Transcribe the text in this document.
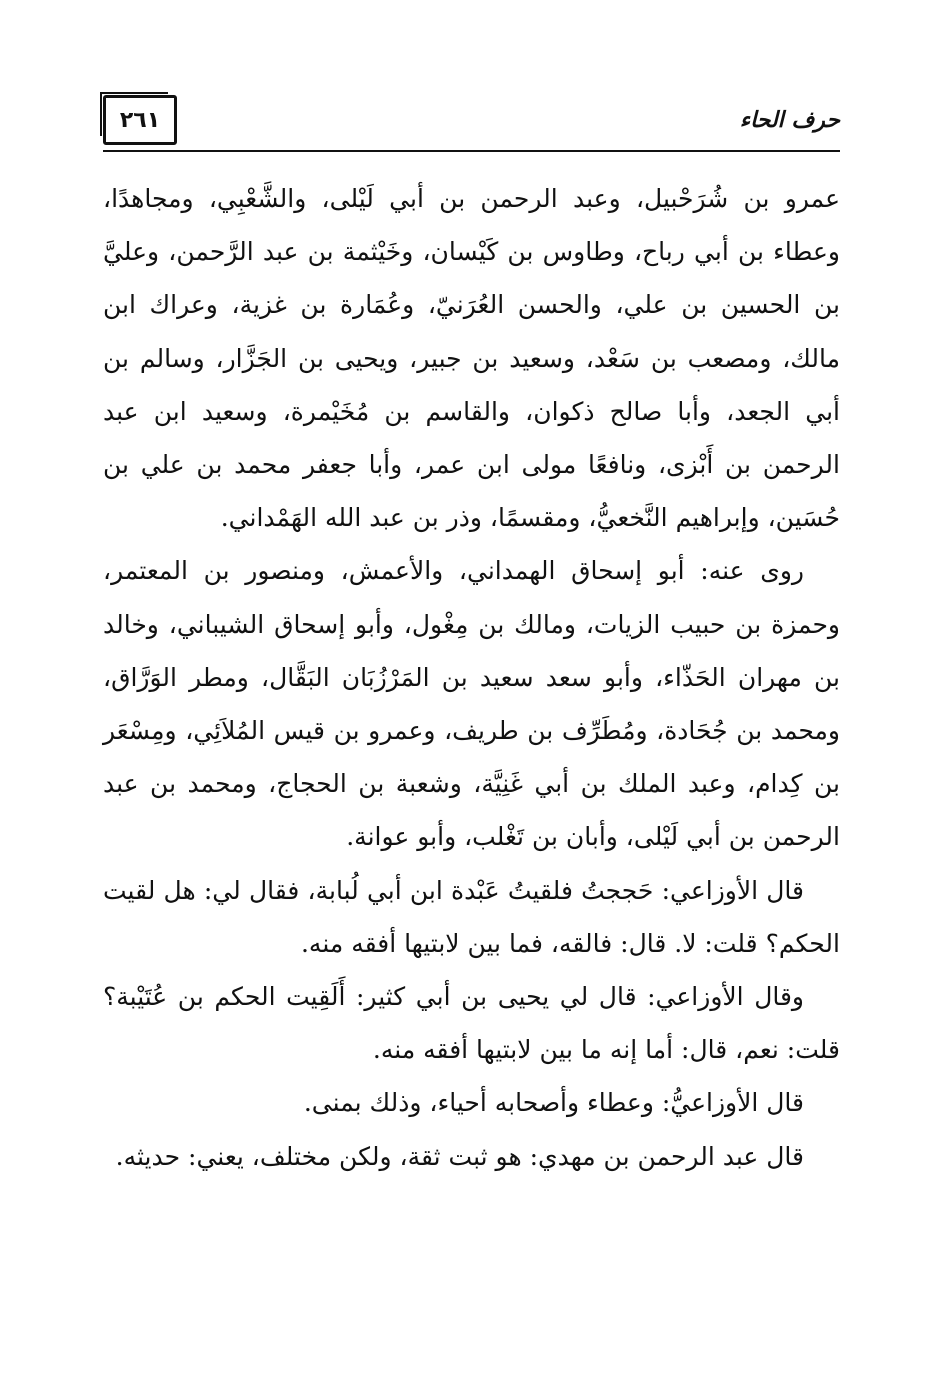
٢٦١	حرف الحاء

عمرو بن شُرَحْبيل، وعبد الرحمن بن أبي لَيْلى، والشَّعْبِي، ومجاهدًا، وعطاء بن أبي رباح، وطاوس بن كَيْسان، وخَيْثمة بن عبد الرَّحمن، وعليَّ بن الحسين بن علي، والحسن العُرَنيّ، وعُمَارة بن غزية، وعراك ابن مالك، ومصعب بن سَعْد، وسعيد بن جبير، ويحيى بن الجَزَّار، وسالم بن أبي الجعد، وأبا صالح ذكوان، والقاسم بن مُخَيْمرة، وسعيد ابن عبد الرحمن بن أَبْزى، ونافعًا مولى ابن عمر، وأبا جعفر محمد بن علي بن حُسَين، وإبراهيم النَّخعيُّ، ومقسمًا، وذر بن عبد الله الهَمْداني.

روى عنه: أبو إسحاق الهمداني، والأعمش، ومنصور بن المعتمر، وحمزة بن حبيب الزيات، ومالك بن مِغْول، وأبو إسحاق الشيباني، وخالد بن مهران الحَذّاء، وأبو سعد سعيد بن المَرْزُبَان البَقَّال، ومطر الوَرَّاق، ومحمد بن جُحَادة، ومُطَرِّف بن طريف، وعمرو بن قيس المُلاَئِي، ومِسْعَر بن كِدام، وعبد الملك بن أبي غَنِيَّة، وشعبة بن الحجاج، ومحمد بن عبد الرحمن بن أبي لَيْلى، وأبان بن تَغْلب، وأبو عوانة.

قال الأوزاعي: حَججتُ فلقيتُ عَبْدة ابن أبي لُبابة، فقال لي: هل لقيت الحكم؟ قلت: لا. قال: فالقه، فما بين لابتيها أفقه منه.

وقال الأوزاعي: قال لي يحيى بن أبي كثير: أَلَقِيت الحكم بن عُتَيْبة؟ قلت: نعم، قال: أما إنه ما بين لابتيها أفقه منه.

قال الأوزاعيُّ: وعطاء وأصحابه أحياء، وذلك بمنى.

قال عبد الرحمن بن مهدي: هو ثبت ثقة، ولكن مختلف، يعني: حديثه.
